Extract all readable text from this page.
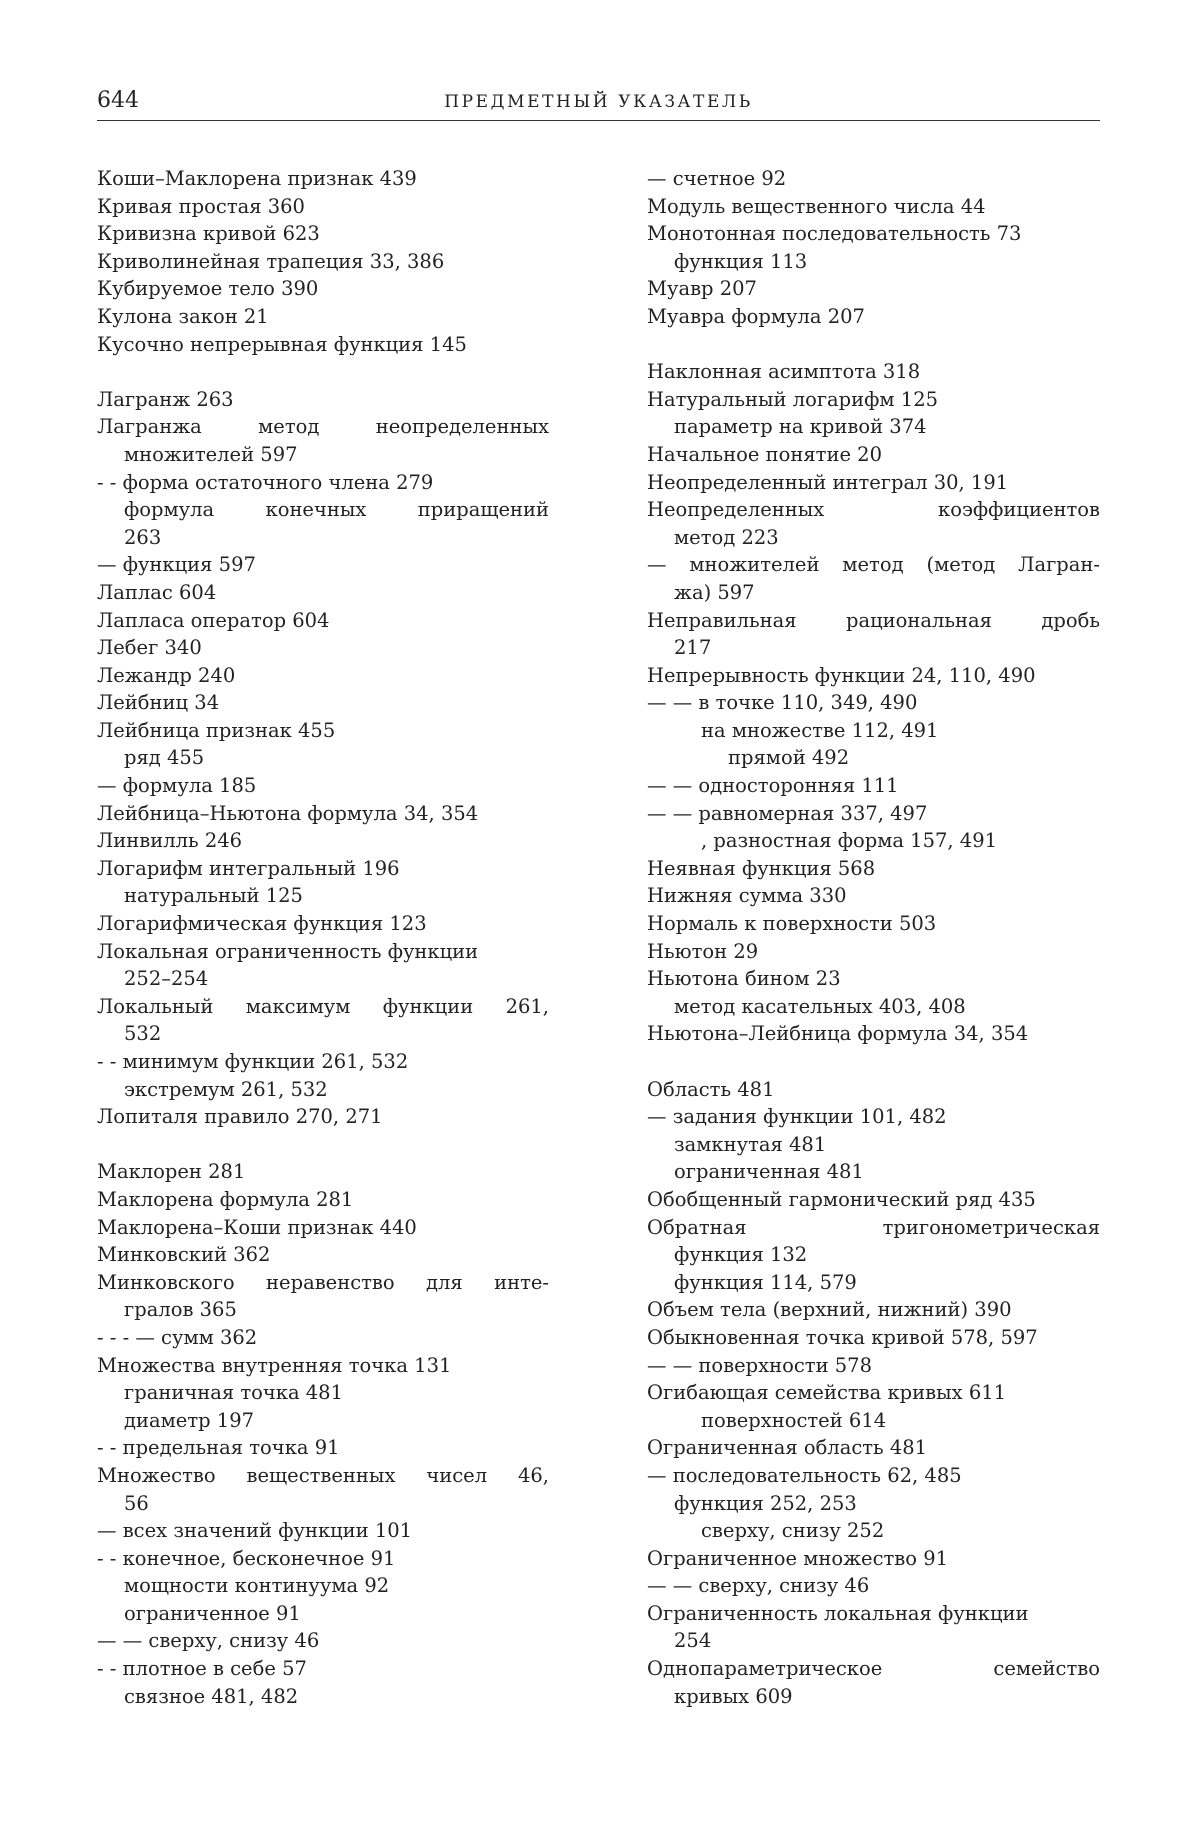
644	ПРЕДМЕТНЫЙ УКАЗАТЕЛЬ
Коши–Маклорена признак 439
Кривая простая 360
Кривизна кривой 623
Криволинейная трапеция 33, 386
Кубируемое тело 390
Кулона закон 21
Кусочно непрерывная функция 145
Лагранж 263
Лагранжа метод неопределенных
множителей 597
- - форма остаточного члена 279
формула конечных приращений
263
— функция 597
Лаплас 604
Лапласа оператор 604
Лебег 340
Лежандр 240
Лейбниц 34
Лейбница признак 455
ряд 455
— формула 185
Лейбница–Ньютона формула 34, 354
Линвилль 246
Логарифм интегральный 196
натуральный 125
Логарифмическая функция 123
Локальная ограниченность функции
252–254
Локальный максимум функции 261,
532
- - минимум функции 261, 532
экстремум 261, 532
Лопиталя правило 270, 271
Маклорен 281
Маклорена формула 281
Маклорена–Коши признак 440
Минковский 362
Минковского неравенство для инте-
гралов 365
- - - — сумм 362
Множества внутренняя точка 131
граничная точка 481
диаметр 197
- - предельная точка 91
Множество вещественных чисел 46,
56
— всех значений функции 101
- - конечное, бесконечное 91
мощности континуума 92
ограниченное 91
— — сверху, снизу 46
- - плотное в себе 57
связное 481, 482
— счетное 92
Модуль вещественного числа 44
Монотонная последовательность 73
функция 113
Муавр 207
Муавра формула 207
Наклонная асимптота 318
Натуральный логарифм 125
параметр на кривой 374
Начальное понятие 20
Неопределенный интеграл 30, 191
Неопределенных коэффициентов
метод 223
— множителей метод (метод Лагран-
жа) 597
Неправильная рациональная дробь
217
Непрерывность функции 24, 110, 490
— — в точке 110, 349, 490
на множестве 112, 491
прямой 492
— — односторонняя 111
— — равномерная 337, 497
, разностная форма 157, 491
Неявная функция 568
Нижняя сумма 330
Нормаль к поверхности 503
Ньютон 29
Ньютона бином 23
метод касательных 403, 408
Ньютона–Лейбница формула 34, 354
Область 481
— задания функции 101, 482
замкнутая 481
ограниченная 481
Обобщенный гармонический ряд 435
Обратная тригонометрическая
функция 132
функция 114, 579
Объем тела (верхний, нижний) 390
Обыкновенная точка кривой 578, 597
— — поверхности 578
Огибающая семейства кривых 611
поверхностей 614
Ограниченная область 481
— последовательность 62, 485
функция 252, 253
сверху, снизу 252
Ограниченное множество 91
— — сверху, снизу 46
Ограниченность локальная функции
254
Однопараметрическое семейство
кривых 609
